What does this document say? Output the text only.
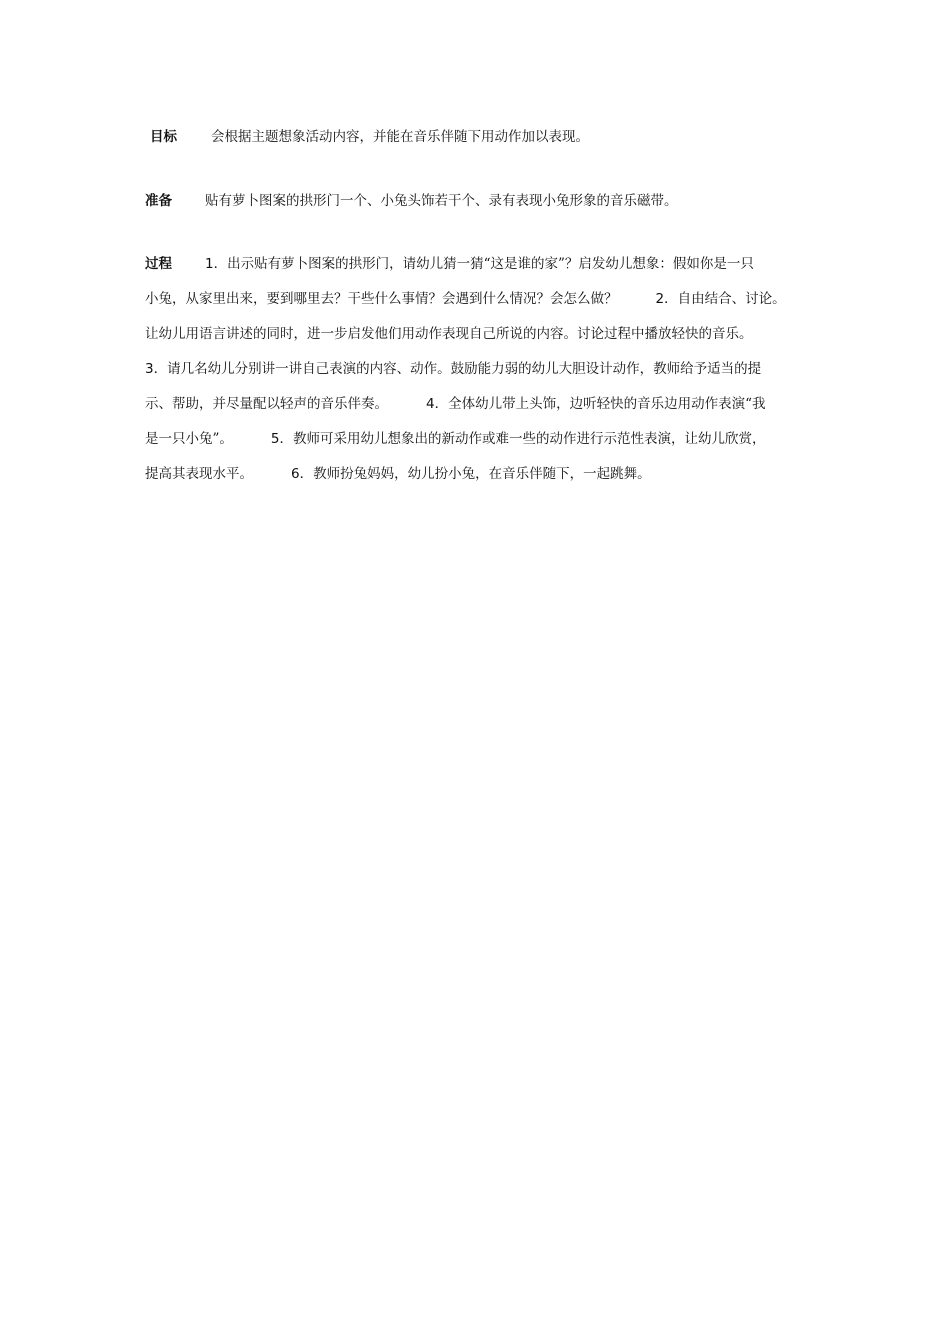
目标	会根据主题想象活动内容，并能在音乐伴随下用动作加以表现。
准备 贴有萝卜图案的拱形门一个、小兔头饰若干个、录有表现小兔形象的音乐磁带。
过程 1．出示贴有萝卜图案的拱形门，请幼儿猜一猜“这是谁的家”？启发幼儿想象：假如你是一只
小兔，从家里出来，要到哪里去？干些什么事情？会遇到什么情况？会怎么做？	2．自由结合、讨论。
让幼儿用语言讲述的同时，进一步启发他们用动作表现自己所说的内容。讨论过程中播放轻快的音乐。
3．请几名幼儿分别讲一讲自己表演的内容、动作。鼓励能力弱的幼儿大胆设计动作，教师给予适当的提
示、帮助，并尽量配以轻声的音乐伴奏。	4．全体幼儿带上头饰，边听轻快的音乐边用动作表演“我
是一只小兔”。	5．教师可采用幼儿想象出的新动作或难一些的动作进行示范性表演，让幼儿欣赏，
提高其表现水平。	6．教师扮兔妈妈，幼儿扮小兔，在音乐伴随下，一起跳舞。
